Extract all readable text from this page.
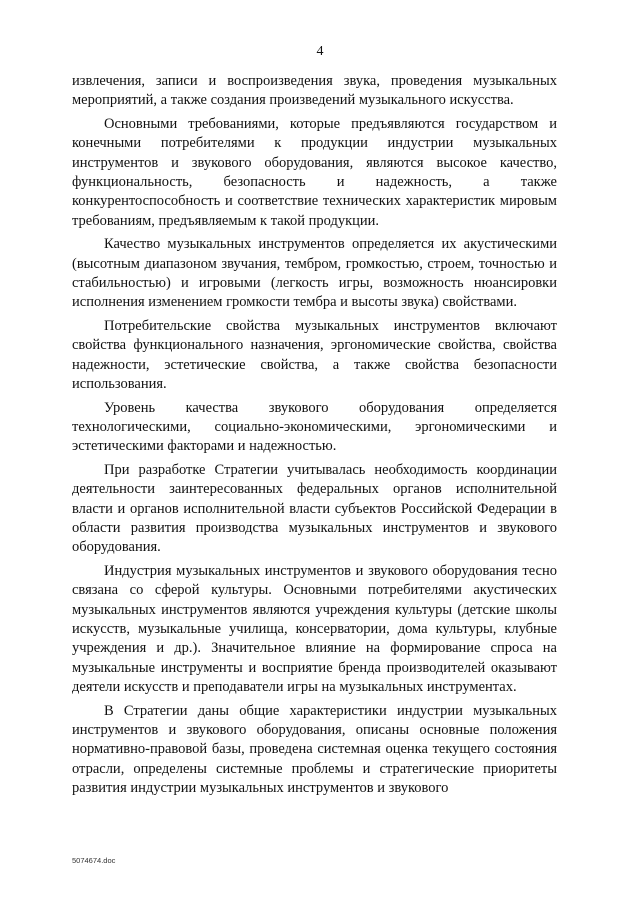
4

извлечения, записи и воспроизведения звука, проведения музыкальных мероприятий, а также создания произведений музыкального искусства.

Основными требованиями, которые предъявляются государством и конечными потребителями к продукции индустрии музыкальных инструментов и звукового оборудования, являются высокое качество, функциональность, безопасность и надежность, а также конкурентоспособность и соответствие технических характеристик мировым требованиям, предъявляемым к такой продукции.

Качество музыкальных инструментов определяется их акустическими (высотным диапазоном звучания, тембром, громкостью, строем, точностью и стабильностью) и игровыми (легкость игры, возможность нюансировки исполнения изменением громкости тембра и высоты звука) свойствами.

Потребительские свойства музыкальных инструментов включают свойства функционального назначения, эргономические свойства, свойства надежности, эстетические свойства, а также свойства безопасности использования.

Уровень качества звукового оборудования определяется технологическими, социально-экономическими, эргономическими и эстетическими факторами и надежностью.

При разработке Стратегии учитывалась необходимость координации деятельности заинтересованных федеральных органов исполнительной власти и органов исполнительной власти субъектов Российской Федерации в области развития производства музыкальных инструментов и звукового оборудования.

Индустрия музыкальных инструментов и звукового оборудования тесно связана со сферой культуры. Основными потребителями акустических музыкальных инструментов являются учреждения культуры (детские школы искусств, музыкальные училища, консерватории, дома культуры, клубные учреждения и др.). Значительное влияние на формирование спроса на музыкальные инструменты и восприятие бренда производителей оказывают деятели искусств и преподаватели игры на музыкальных инструментах.

В Стратегии даны общие характеристики индустрии музыкальных инструментов и звукового оборудования, описаны основные положения нормативно-правовой базы, проведена системная оценка текущего состояния отрасли, определены системные проблемы и стратегические приоритеты развития индустрии музыкальных инструментов и звукового

5074674.doc
